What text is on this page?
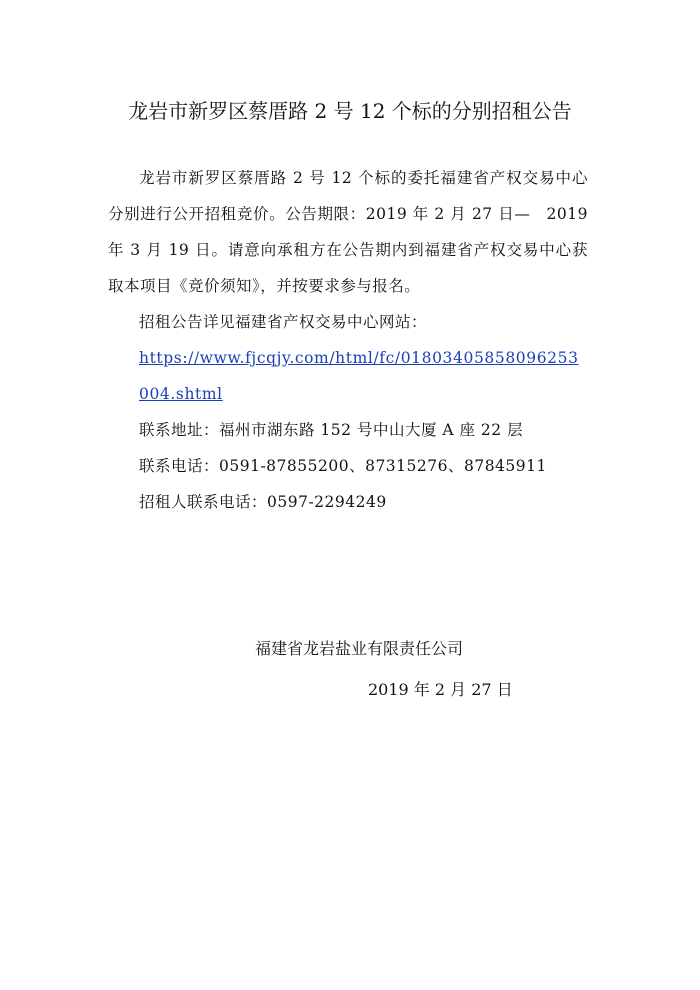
龙岩市新罗区蔡厝路 2 号 12 个标的分别招租公告

龙岩市新罗区蔡厝路 2 号 12 个标的委托福建省产权交易中心分别进行公开招租竞价。公告期限：2019 年 2 月 27 日—　2019 年 3 月 19 日。请意向承租方在公告期内到福建省产权交易中心获取本项目《竞价须知》，并按要求参与报名。

招租公告详见福建省产权交易中心网站：

https://www.fjcqjy.com/html/fc/01803405858096253004.shtml

联系地址：福州市湖东路 152 号中山大厦 A 座 22 层

联系电话：0591-87855200、87315276、87845911

招租人联系电话：0597-2294249

福建省龙岩盐业有限责任公司
2019 年 2 月 27 日
